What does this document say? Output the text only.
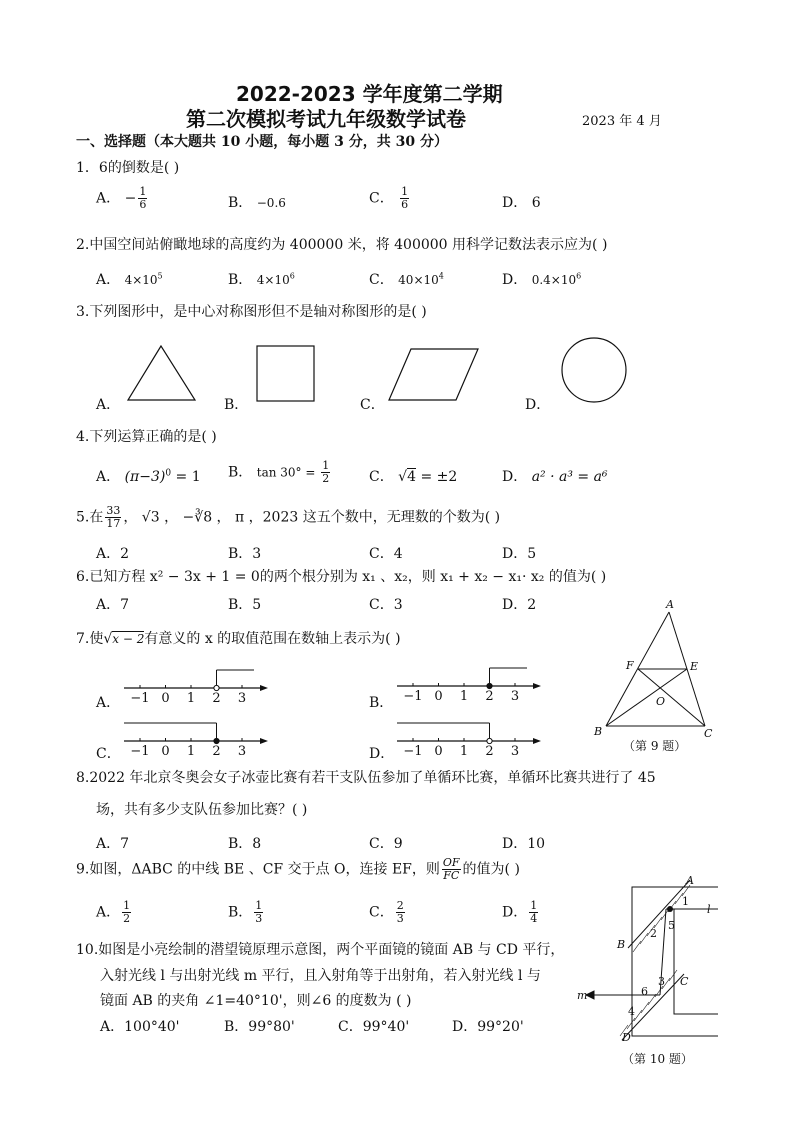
2022-2023 学年度第二学期
第二次模拟考试九年级数学试卷	2023 年 4 月
一、选择题（本大题共 10 小题，每小题 3 分，共 30 分）
1．6的倒数是( )
A． − $\frac{1}{6}$	B． −0.6	C． $\frac{1}{6}$	D． 6
2.中国空间站俯瞰地球的高度约为 400000 米，将 400000 用科学记数法表示应为( )
A． $4\times 10^5$	B． $4\times 10^6$	C． $40\times 10^4$	D． $0.4\times 10^6$
3.下列图形中，是中心对称图形但不是轴对称图形的是( )
A．	B．	C．	D．
4.下列运算正确的是( )
A． $(\pi-3)^0 = 1$ B． $\tan 30^\circ = \frac{1}{2}$	C． √4 = ±2	D． a² · a³ = a⁶
5.在 $\frac{33}{17}$ ， √3 ， −∛8 ， π ，2023 这五个数中，无理数的个数为( )
A．2	B．3	C．4	D．5
6.已知方程 x² − 3x + 1 = 0的两个根分别为 x₁ 、x₂，则 x₁ + x₂ − x₁· x₂ 的值为( )
A．7	B．5	C．3	D．2
7.使√x − 2有意义的 x 的取值范围在数轴上表示为( )
A．	B．
C．	D．
−1 0 1 2 3	−1 0 1 2 3
−1 0 1 2 3	−1 0 1 2 3
A
B	C
E
F
O
（第 9 题）
8.2022 年北京冬奥会女子冰壶比赛有若干支队伍参加了单循环比赛，单循环比赛共进行了 45
场，共有多少支队伍参加比赛？( )
A．7	B．8	C．9	D．10
9.如图，ΔABC 的中线 BE 、CF 交于点 O，连接 EF，则 $\frac{OF}{FC}$ 的值为( )
A． $\frac{1}{2}$	B． $\frac{1}{3}$	C． $\frac{2}{3}$	D． $\frac{1}{4}$
10.如图是小亮绘制的潜望镜原理示意图，两个平面镜的镜面 AB 与 CD 平行，
入射光线 l 与出射光线 m 平行，且入射角等于出射角，若入射光线 l 与
镜面 AB 的夹角 ∠1=40°10'，则∠6 的度数为 ( )
A．100°40'	B．99°80'	C．99°40'	D．99°20'
A
B
C
D
l
m
1
2
3
4
5
6
（第 10 题）
